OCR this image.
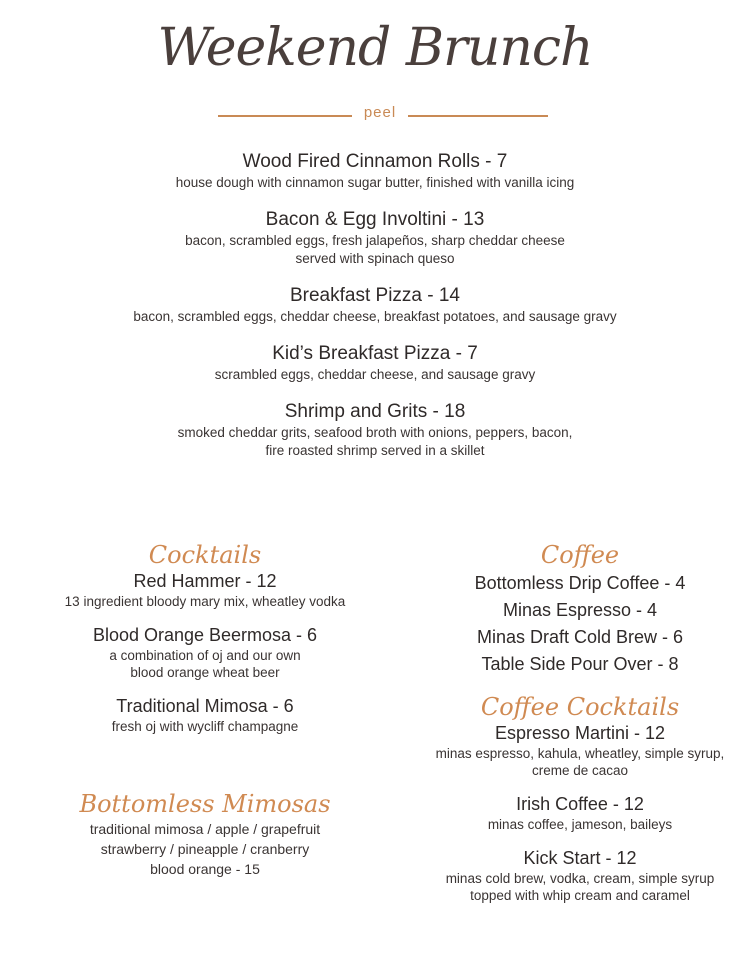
Weekend Brunch
peel
Wood Fired Cinnamon Rolls - 7
house dough with cinnamon sugar butter, finished with vanilla icing
Bacon & Egg Involtini - 13
bacon, scrambled eggs, fresh jalapeños, sharp cheddar cheese
served with spinach queso
Breakfast Pizza - 14
bacon, scrambled eggs, cheddar cheese, breakfast potatoes, and sausage gravy
Kid’s Breakfast Pizza - 7
scrambled eggs, cheddar cheese, and sausage gravy
Shrimp and Grits - 18
smoked cheddar grits, seafood broth with onions, peppers, bacon,
fire roasted shrimp served in a skillet
Cocktails
Red Hammer - 12
13 ingredient bloody mary mix, wheatley vodka
Blood Orange Beermosa - 6
a combination of oj and our own
blood orange wheat beer
Traditional Mimosa - 6
fresh oj with wycliff champagne
Bottomless Mimosas
traditional mimosa / apple / grapefruit
strawberry / pineapple / cranberry
blood orange - 15
Coffee
Bottomless Drip Coffee - 4
Minas Espresso - 4
Minas Draft Cold Brew - 6
Table Side Pour Over - 8
Coffee Cocktails
Espresso Martini - 12
minas espresso, kahula, wheatley, simple syrup,
creme de cacao
Irish Coffee - 12
minas coffee, jameson, baileys
Kick Start - 12
minas cold brew, vodka, cream, simple syrup
topped with whip cream and caramel
